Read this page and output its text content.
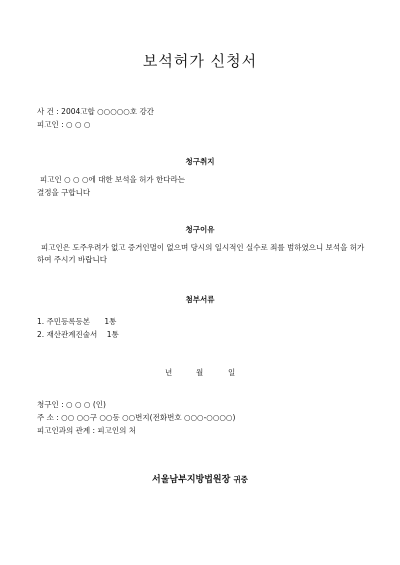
보석허가 신청서
사 건 : 2004고합 ○○○○○호 강간
피고인 : ○ ○ ○
청구취지
피고인 ○ ○ ○에 대한 보석을 허가 한다라는
결정을 구합니다
청구이유
피고인은 도주우려가 없고 증거인멸이 없으며 당시의 일시적인 실수로 죄를 범하였으니 보석을 허가하여 주시기 바랍니다
첨부서류
1. 주민등록등본      1통
2. 재산관계진술서    1통
년	월	일
청구인 : ○ ○ ○ (인)
주 소 : ○○ ○○구 ○○동 ○○번지(전화번호 ○○○-○○○○)
피고인과의 관계 : 피고인의 처
서울남부지방법원장 귀중
